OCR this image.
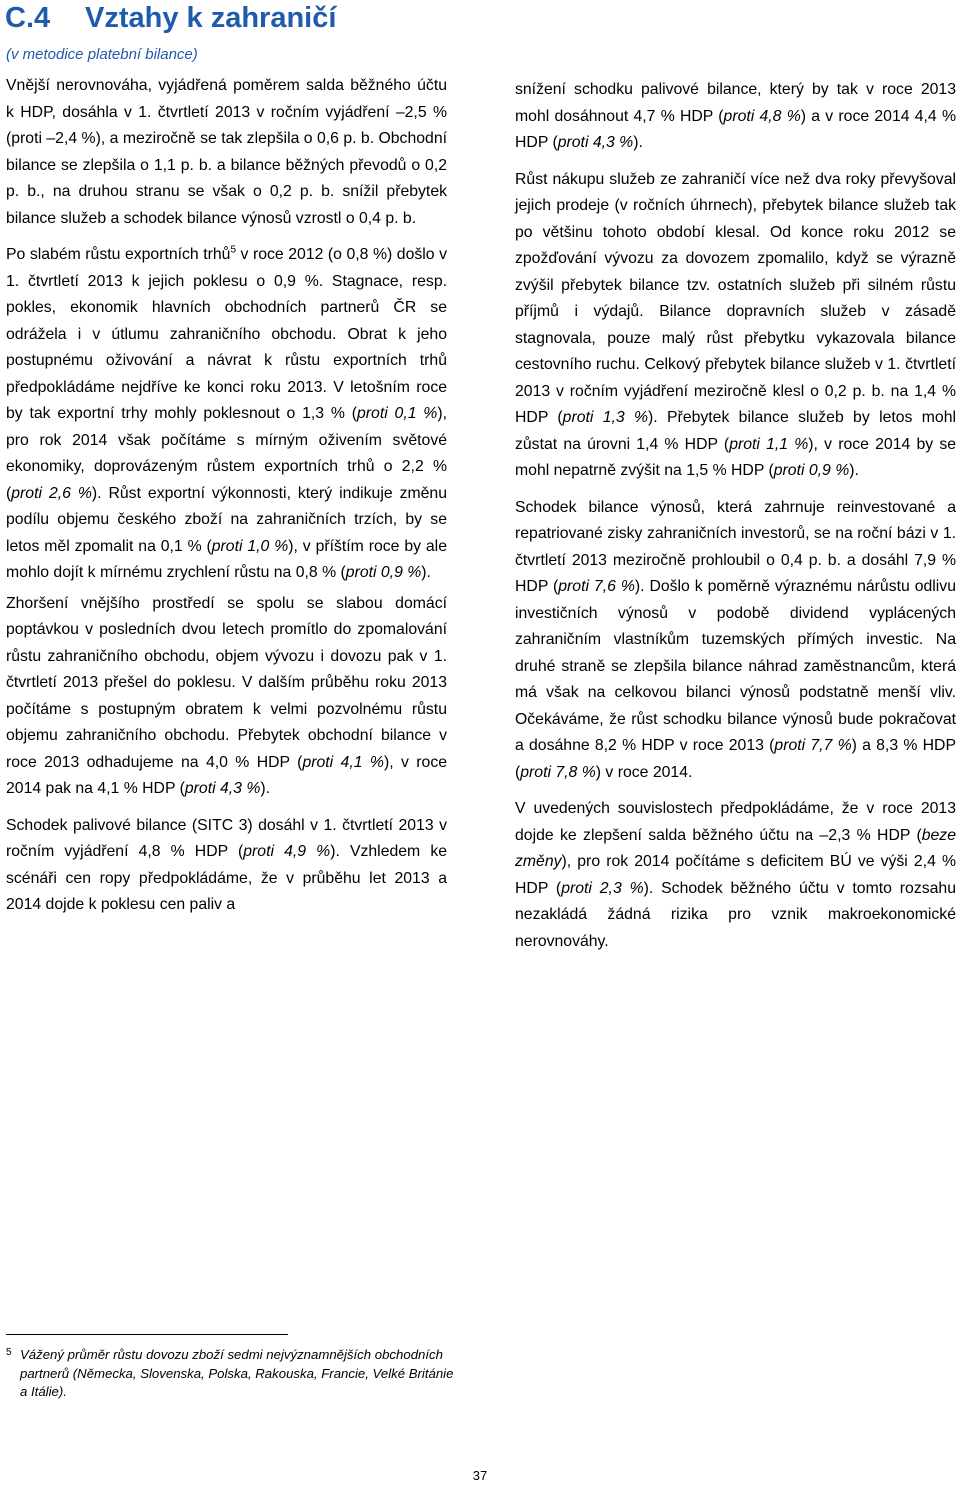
C.4	Vztahy k zahraničí
(v metodice platební bilance)

Vnější nerovnováha, vyjádřená poměrem salda běžného účtu k HDP, dosáhla v 1. čtvrtletí 2013 v ročním vyjádření –2,5 % (proti –2,4 %), a meziročně se tak zlepšila o 0,6 p. b. Obchodní bilance se zlepšila o 1,1 p. b. a bilance běžných převodů o 0,2 p. b., na druhou stranu se však o 0,2 p. b. snížil přebytek bilance služeb a schodek bilance výnosů vzrostl o 0,4 p. b.

Po slabém růstu exportních trhů$^5$ v roce 2012 (o 0,8 %) došlo v 1. čtvrtletí 2013 k jejich poklesu o 0,9 %. Stagnace, resp. pokles, ekonomik hlavních obchodních partnerů ČR se odrážela i v útlumu zahraničního obchodu. Obrat k jeho postupnému oživování a návrat k růstu exportních trhů předpokládáme nejdříve ke konci roku 2013. V letošním roce by tak exportní trhy mohly poklesnout o 1,3 % (proti 0,1 %), pro rok 2014 však počítáme s mírným oživením světové ekonomiky, doprovázeným růstem exportních trhů o 2,2 % (proti 2,6 %). Růst exportní výkonnosti, který indikuje změnu podílu objemu českého zboží na zahraničních trzích, by se letos měl zpomalit na 0,1 % (proti 1,0 %), v příštím roce by ale mohlo dojít k mírnému zrychlení růstu na 0,8 % (proti 0,9 %).

Zhoršení vnějšího prostředí se spolu se slabou domácí poptávkou v posledních dvou letech promítlo do zpomalování růstu zahraničního obchodu, objem vývozu i dovozu pak v 1. čtvrtletí 2013 přešel do poklesu. V dalším průběhu roku 2013 počítáme s postupným obratem k velmi pozvolnému růstu objemu zahraničního obchodu. Přebytek obchodní bilance v roce 2013 odhadujeme na 4,0 % HDP (proti 4,1 %), v roce 2014 pak na 4,1 % HDP (proti 4,3 %).

Schodek palivové bilance (SITC 3) dosáhl v 1. čtvrtletí 2013 v ročním vyjádření 4,8 % HDP (proti 4,9 %). Vzhledem ke scénáři cen ropy předpokládáme, že v průběhu let 2013 a 2014 dojde k poklesu cen paliv a

snížení schodku palivové bilance, který by tak v roce 2013 mohl dosáhnout 4,7 % HDP (proti 4,8 %) a v roce 2014 4,4 % HDP (proti 4,3 %).

Růst nákupu služeb ze zahraničí více než dva roky převyšoval jejich prodeje (v ročních úhrnech), přebytek bilance služeb tak po většinu tohoto období klesal. Od konce roku 2012 se zpožďování vývozu za dovozem zpomalilo, když se výrazně zvýšil přebytek bilance tzv. ostatních služeb při silném růstu příjmů i výdajů. Bilance dopravních služeb v zásadě stagnovala, pouze malý růst přebytku vykazovala bilance cestovního ruchu. Celkový přebytek bilance služeb v 1. čtvrtletí 2013 v ročním vyjádření meziročně klesl o 0,2 p. b. na 1,4 % HDP (proti 1,3 %). Přebytek bilance služeb by letos mohl zůstat na úrovni 1,4 % HDP (proti 1,1 %), v roce 2014 by se mohl nepatrně zvýšit na 1,5 % HDP (proti 0,9 %).

Schodek bilance výnosů, která zahrnuje reinvestované a repatriované zisky zahraničních investorů, se na roční bázi v 1. čtvrtletí 2013 meziročně prohloubil o 0,4 p. b. a dosáhl 7,9 % HDP (proti 7,6 %). Došlo k poměrně výraznému nárůstu odlivu investičních výnosů v podobě dividend vyplácených zahraničním vlastníkům tuzemských přímých investic. Na druhé straně se zlepšila bilance náhrad zaměstnancům, která má však na celkovou bilanci výnosů podstatně menší vliv. Očekáváme, že růst schodku bilance výnosů bude pokračovat a dosáhne 8,2 % HDP v roce 2013 (proti 7,7 %) a 8,3 % HDP (proti 7,8 %) v roce 2014.

V uvedených souvislostech předpokládáme, že v roce 2013 dojde ke zlepšení salda běžného účtu na –2,3 % HDP (beze změny), pro rok 2014 počítáme s deficitem BÚ ve výši 2,4 % HDP (proti 2,3 %). Schodek běžného účtu v tomto rozsahu nezakládá žádná rizika pro vznik makroekonomické nerovnováhy.

5 Vážený průměr růstu dovozu zboží sedmi nejvýznamnějších obchodních partnerů (Německa, Slovenska, Polska, Rakouska, Francie, Velké Británie a Itálie).
37
